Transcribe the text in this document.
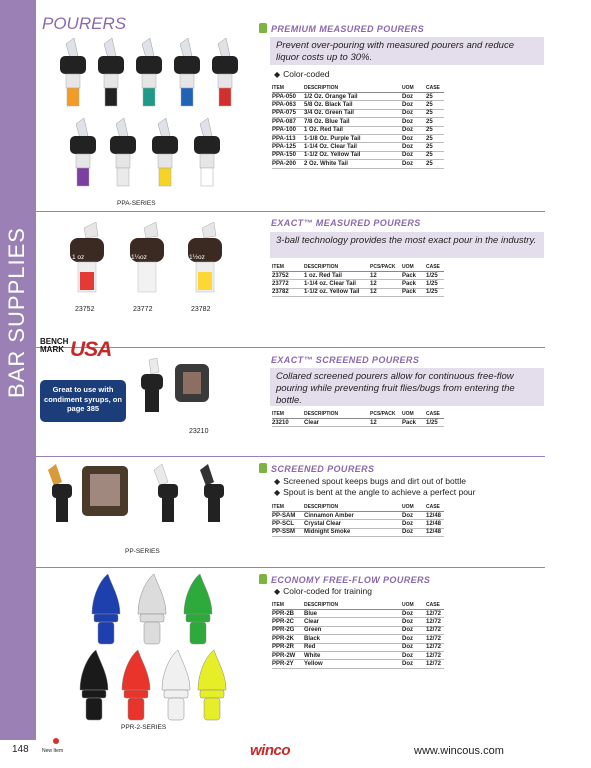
BAR SUPPLIES
POURERS	PREMIUM MEASURED POURERS
Prevent over-pouring with measured pourers and reduce liquor costs up to 30%.
◆ Color-coded
ITEM	DESCRIPTION	UOM	CASE
PPA-050	1/2 Oz. Orange Tail	Doz	25
PPA-063	5/8 Oz. Black Tail	Doz	25
PPA-075	3/4 Oz. Green Tail	Doz	25
PPA-087	7/8 Oz. Blue Tail	Doz	25
PPA-100	1 Oz. Red Tail	Doz	25
PPA-113	1-1/8 Oz. Purple Tail	Doz	25
PPA-125	1-1/4 Oz. Clear Tail	Doz	25
PPA-150	1-1/2 Oz. Yellow Tail	Doz	25
PPA-200	2 Oz. White Tail	Doz	25
PPA-SERIES
EXACT™ MEASURED POURERS
3-ball technology provides the most exact pour in the industry.
ITEM	DESCRIPTION	PCS/PACK	UOM	CASE
23752	1 oz. Red Tail	12	Pack	1/25
23772	1-1/4 oz. Clear Tail	12	Pack	1/25
23782	1-1/2 oz. Yellow Tail	12	Pack	1/25
1 oz	1¼oz	1½oz
23752	23772	23782
EXACT™ SCREENED POURERS
Collared screened pourers allow for continuous free-flow pouring while preventing fruit flies/bugs from entering the bottle.
ITEM	DESCRIPTION	PCS/PACK	UOM	CASE
23210	Clear	12	Pack	1/25
BENCH MARK USA
Great to use with condiment syrups, on page 385
23210
SCREENED POURERS
◆ Screened spout keeps bugs and dirt out of bottle
◆ Spout is bent at the angle to achieve a perfect pour
ITEM	DESCRIPTION	UOM	CASE
PP-SAM	Cinnamon Amber	Doz	12/48
PP-SCL	Crystal Clear	Doz	12/48
PP-SSM	Midnight Smoke	Doz	12/48
PP-SERIES
ECONOMY FREE-FLOW POURERS
◆ Color-coded for training
ITEM	DESCRIPTION	UOM	CASE
PPR-2B	Blue	Doz	12/72
PPR-2C	Clear	Doz	12/72
PPR-2G	Green	Doz	12/72
PPR-2K	Black	Doz	12/72
PPR-2R	Red	Doz	12/72
PPR-2W	White	Doz	12/72
PPR-2Y	Yellow	Doz	12/72
PPR-2-SERIES
148	New Item	winco	www.wincous.com
